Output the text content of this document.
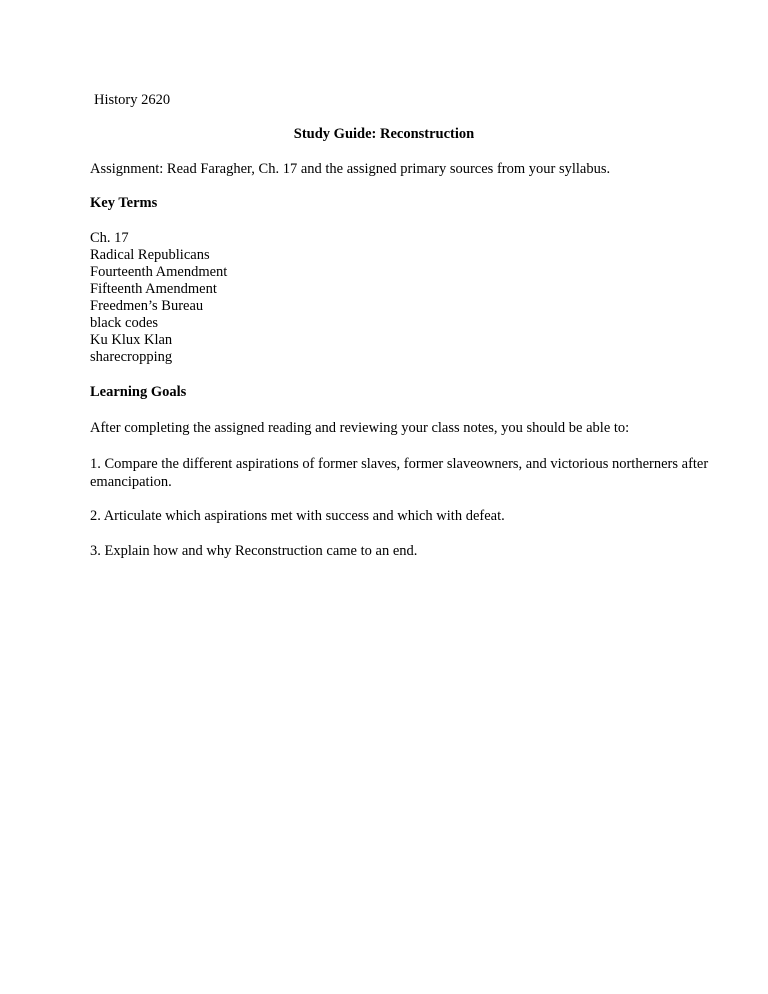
History 2620
Study Guide: Reconstruction
Assignment: Read Faragher, Ch. 17 and the assigned primary sources from your syllabus.
Key Terms
Ch. 17
Radical Republicans
Fourteenth Amendment
Fifteenth Amendment
Freedmen’s Bureau
black codes
Ku Klux Klan
sharecropping
Learning Goals
After completing the assigned reading and reviewing your class notes, you should be able to:
1. Compare the different aspirations of former slaves, former slaveowners, and victorious northerners after emancipation.
2. Articulate which aspirations met with success and which with defeat.
3. Explain how and why Reconstruction came to an end.
